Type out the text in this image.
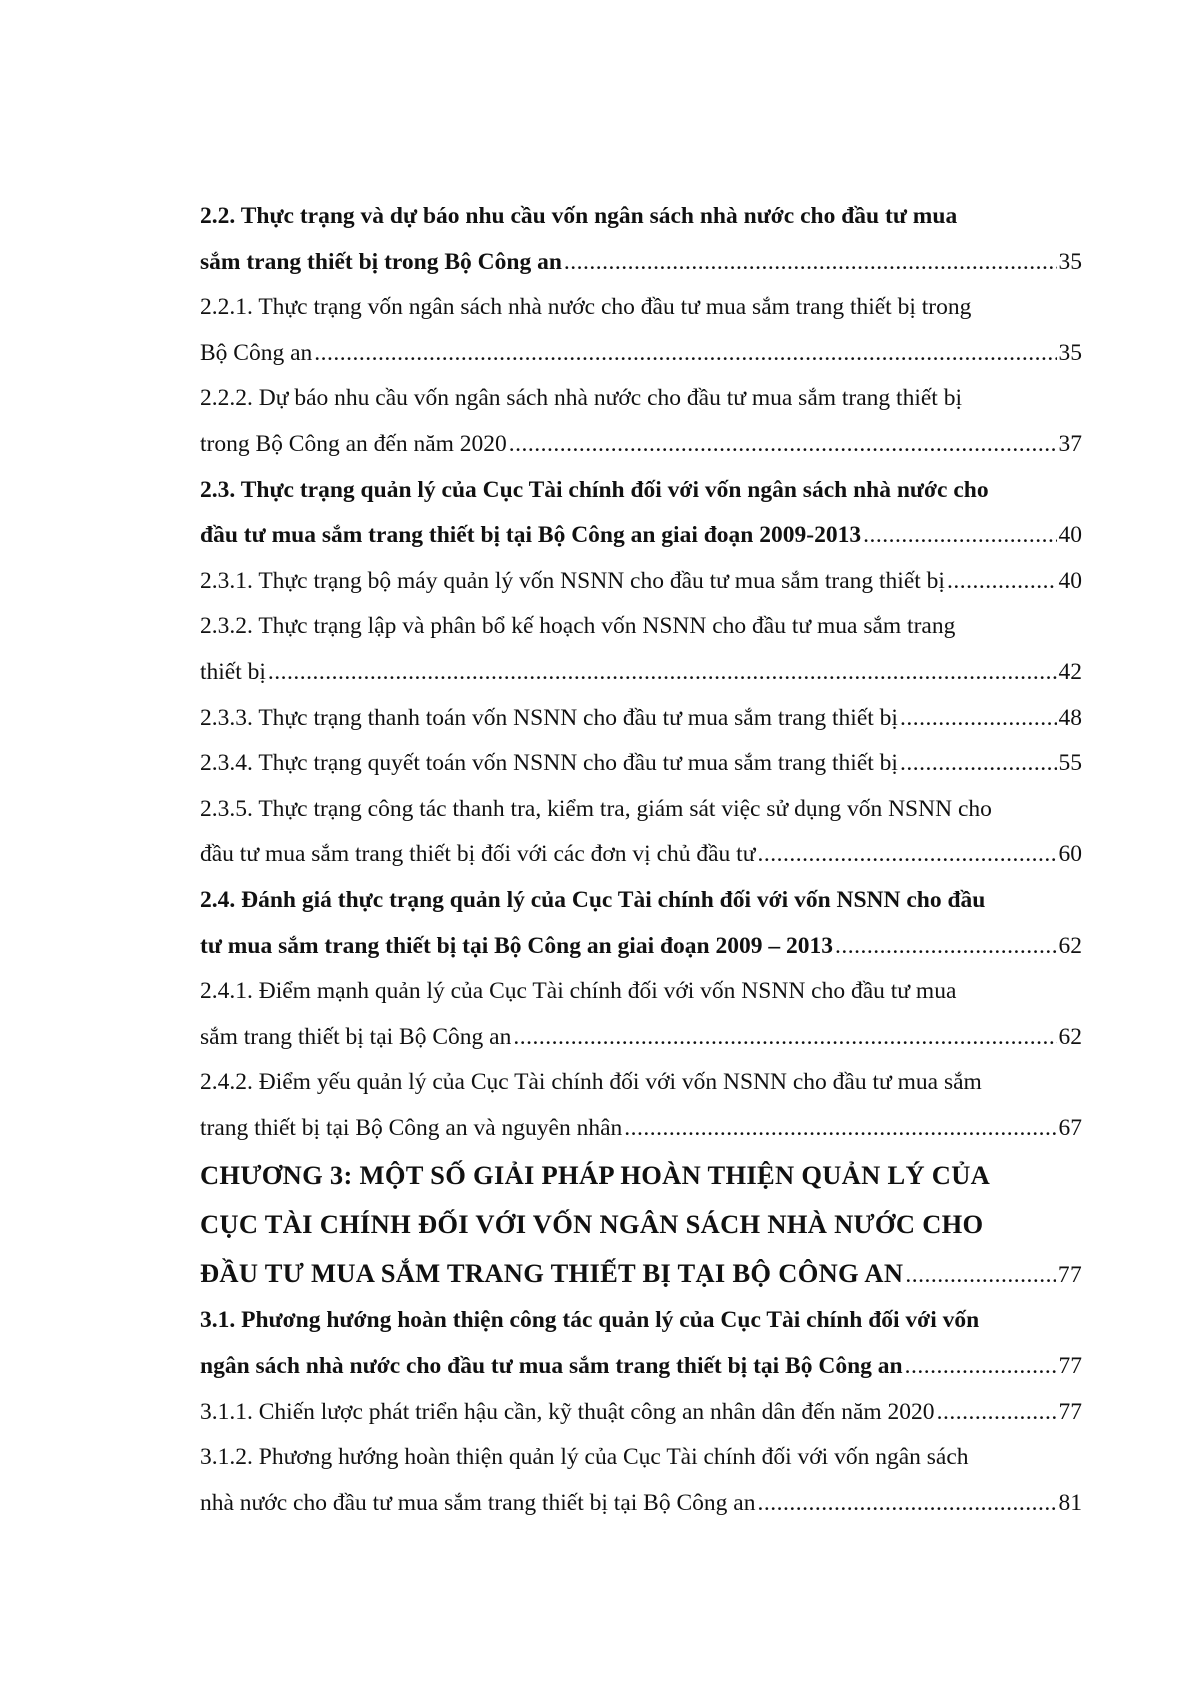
2.2. Thực trạng và dự báo nhu cầu vốn ngân sách nhà nước cho đầu tư mua
sắm trang thiết bị trong Bộ Công an .....	35
2.2.1. Thực trạng vốn ngân sách nhà nước cho đầu tư mua sắm trang thiết bị trong
Bộ Công an .....	35
2.2.2. Dự báo nhu cầu vốn ngân sách nhà nước cho đầu tư mua sắm trang thiết bị
trong Bộ Công an đến năm 2020 .....	37
2.3. Thực trạng quản lý của Cục Tài chính đối với vốn ngân sách nhà nước cho
đầu tư mua sắm trang thiết bị tại Bộ Công an giai đoạn 2009-2013 .....	40
2.3.1. Thực trạng bộ máy quản lý vốn NSNN cho đầu tư mua sắm trang thiết bị .....	40
2.3.2. Thực trạng lập và phân bổ kế hoạch vốn NSNN cho đầu tư mua sắm trang
thiết bị .....	42
2.3.3. Thực trạng thanh toán vốn NSNN cho đầu tư mua sắm trang thiết bị .....	48
2.3.4. Thực trạng quyết toán vốn NSNN cho đầu tư mua sắm trang thiết bị .....	55
2.3.5. Thực trạng công tác thanh tra, kiểm tra, giám sát việc sử dụng vốn NSNN cho
đầu tư mua sắm trang thiết bị đối với các đơn vị chủ đầu tư .....	60
2.4. Đánh giá thực trạng quản lý của Cục Tài chính đối với vốn NSNN cho đầu
tư mua sắm trang thiết bị tại Bộ Công an giai đoạn 2009 – 2013 .....	62
2.4.1. Điểm mạnh quản lý của Cục Tài chính đối với vốn NSNN cho đầu tư mua
sắm trang thiết bị tại Bộ Công an .....	62
2.4.2. Điểm yếu quản lý của Cục Tài chính đối với vốn NSNN cho đầu tư mua sắm
trang thiết bị tại Bộ Công an và nguyên nhân .....	67
CHƯƠNG 3: MỘT SỐ GIẢI PHÁP HOÀN THIỆN QUẢN LÝ CỦA
CỤC TÀI CHÍNH ĐỐI VỚI VỐN NGÂN SÁCH NHÀ NƯỚC CHO
ĐẦU TƯ MUA SẮM TRANG THIẾT BỊ TẠI BỘ CÔNG AN .....	77
3.1. Phương hướng hoàn thiện công tác quản lý của Cục Tài chính đối với vốn
ngân sách nhà nước cho đầu tư mua sắm trang thiết bị tại Bộ Công an .....	77
3.1.1. Chiến lược phát triển hậu cần, kỹ thuật công an nhân dân đến năm 2020 .....	77
3.1.2. Phương hướng hoàn thiện quản lý của Cục Tài chính đối với vốn ngân sách
nhà nước cho đầu tư mua sắm trang thiết bị tại Bộ Công an .....	81
